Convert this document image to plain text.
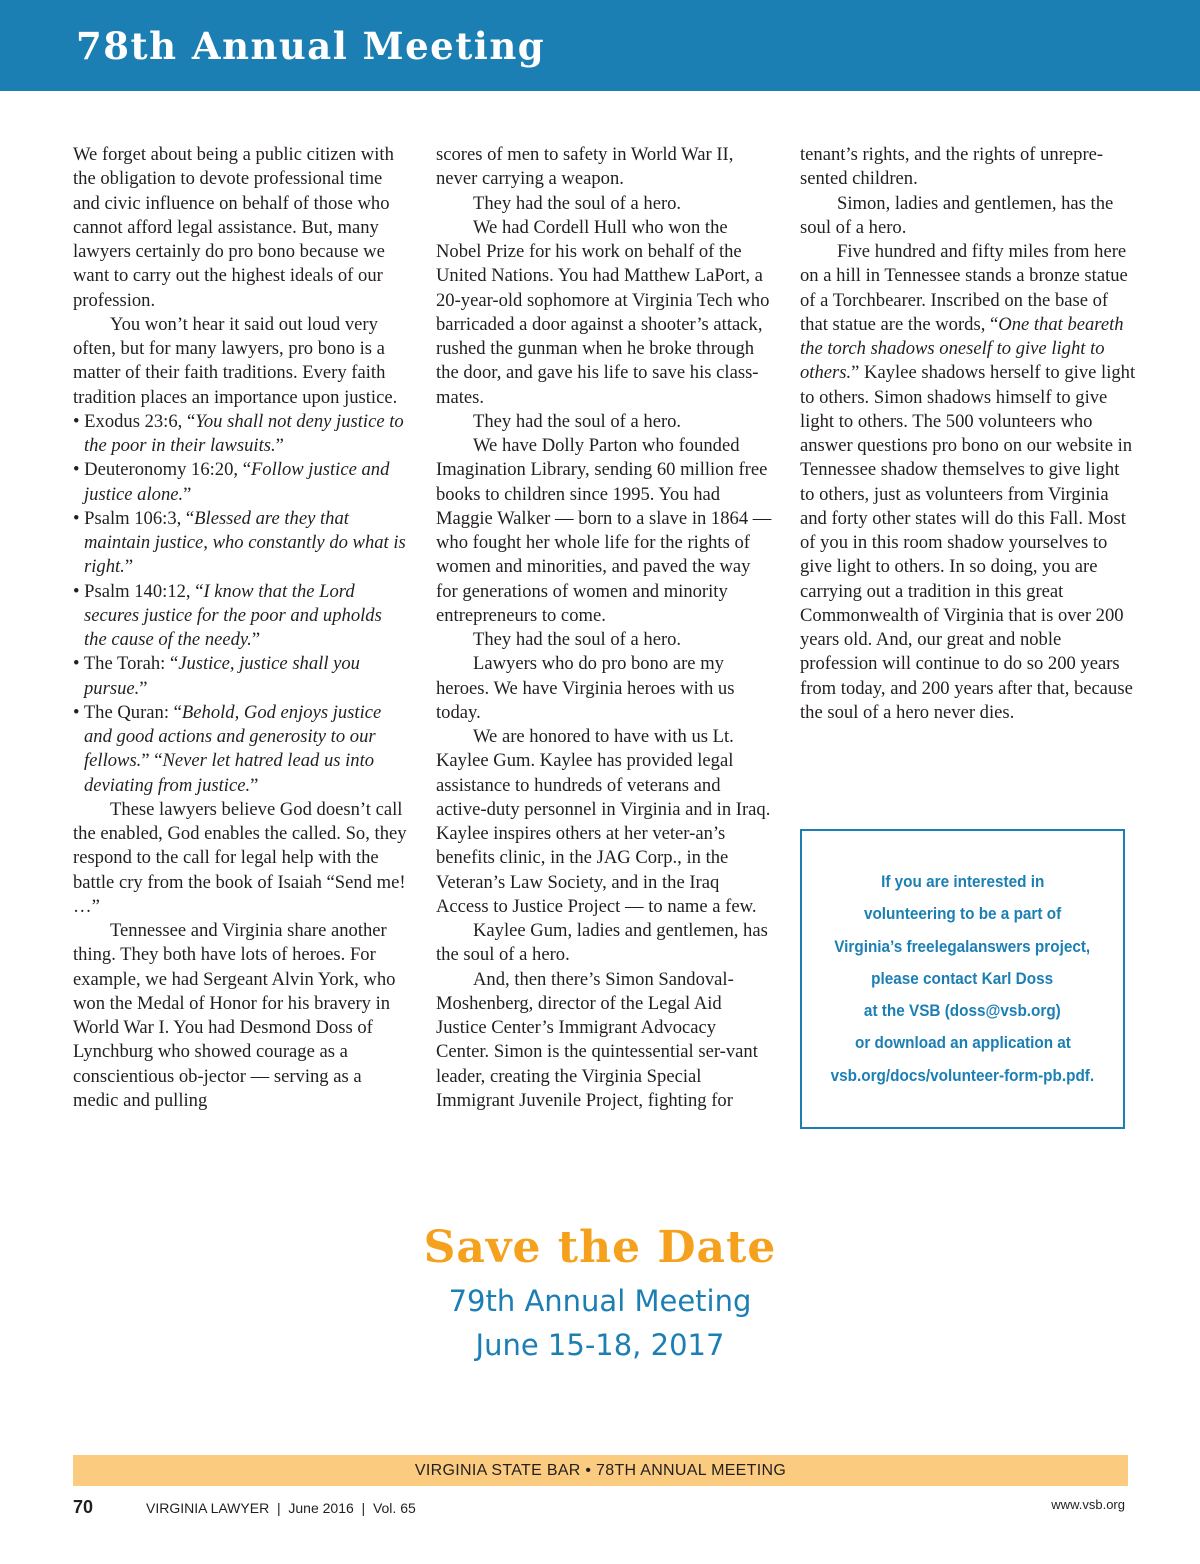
78th Annual Meeting

We forget about being a public citizen with the obligation to devote professional time and civic influence on behalf of those who cannot afford legal assistance. But, many lawyers certainly do pro bono because we want to carry out the highest ideals of our profession.

You won’t hear it said out loud very often, but for many lawyers, pro bono is a matter of their faith traditions. Every faith tradition places an importance upon justice.

• Exodus 23:6, “You shall not deny justice to the poor in their lawsuits.”

• Deuteronomy 16:20, “Follow justice and justice alone.”

• Psalm 106:3, “Blessed are they that maintain justice, who constantly do what is right.”

• Psalm 140:12, “I know that the Lord secures justice for the poor and upholds the cause of the needy.”

• The Torah: “Justice, justice shall you pursue.”

• The Quran: “Behold, God enjoys justice and good actions and generosity to our fellows.” “Never let hatred lead us into deviating from justice.”

These lawyers believe God doesn’t call the enabled, God enables the called. So, they respond to the call for legal help with the battle cry from the book of Isaiah “Send me! …”

Tennessee and Virginia share another thing. They both have lots of heroes. For example, we had Sergeant Alvin York, who won the Medal of Honor for his bravery in World War I. You had Desmond Doss of Lynchburg who showed courage as a conscientious ob-jector — serving as a medic and pulling

scores of men to safety in World War II, never carrying a weapon.

They had the soul of a hero.

We had Cordell Hull who won the Nobel Prize for his work on behalf of the United Nations. You had Matthew LaPort, a 20-year-old sophomore at Virginia Tech who barricaded a door against a shooter’s attack, rushed the gunman when he broke through the door, and gave his life to save his class-mates.

They had the soul of a hero.

We have Dolly Parton who founded Imagination Library, sending 60 million free books to children since 1995. You had Maggie Walker — born to a slave in 1864 — who fought her whole life for the rights of women and minorities, and paved the way for generations of women and minority entrepreneurs to come.

They had the soul of a hero.

Lawyers who do pro bono are my heroes. We have Virginia heroes with us today.

We are honored to have with us Lt. Kaylee Gum. Kaylee has provided legal assistance to hundreds of veterans and active-duty personnel in Virginia and in Iraq. Kaylee inspires others at her veter-an’s benefits clinic, in the JAG Corp., in the Veteran’s Law Society, and in the Iraq Access to Justice Project — to name a few.

Kaylee Gum, ladies and gentlemen, has the soul of a hero.

And, then there’s Simon Sandoval-Moshenberg, director of the Legal Aid Justice Center’s Immigrant Advocacy Center. Simon is the quintessential ser-vant leader, creating the Virginia Special Immigrant Juvenile Project, fighting for

tenant’s rights, and the rights of unrepre-sented children.

Simon, ladies and gentlemen, has the soul of a hero.

Five hundred and fifty miles from here on a hill in Tennessee stands a bronze statue of a Torchbearer. Inscribed on the base of that statue are the words, “One that beareth the torch shadows oneself to give light to others.” Kaylee shadows herself to give light to others. Simon shadows himself to give light to others. The 500 volunteers who answer questions pro bono on our website in Tennessee shadow themselves to give light to others, just as volunteers from Virginia and forty other states will do this Fall. Most of you in this room shadow yourselves to give light to others. In so doing, you are carrying out a tradition in this great Commonwealth of Virginia that is over 200 years old. And, our great and noble profession will continue to do so 200 years from today, and 200 years after that, because the soul of a hero never dies.

If you are interested in
volunteering to be a part of
Virginia’s freelegalanswers project,
please contact Karl Doss
at the VSB (doss@vsb.org)
or download an application at
vsb.org/docs/volunteer-form-pb.pdf.
Save the Date

79th Annual Meeting

June 15-18, 2017

VIRGINIA STATE BAR • 78TH ANNUAL MEETING
70	VIRGINIA LAWYER  |  June 2016  |  Vol. 65	www.vsb.org
